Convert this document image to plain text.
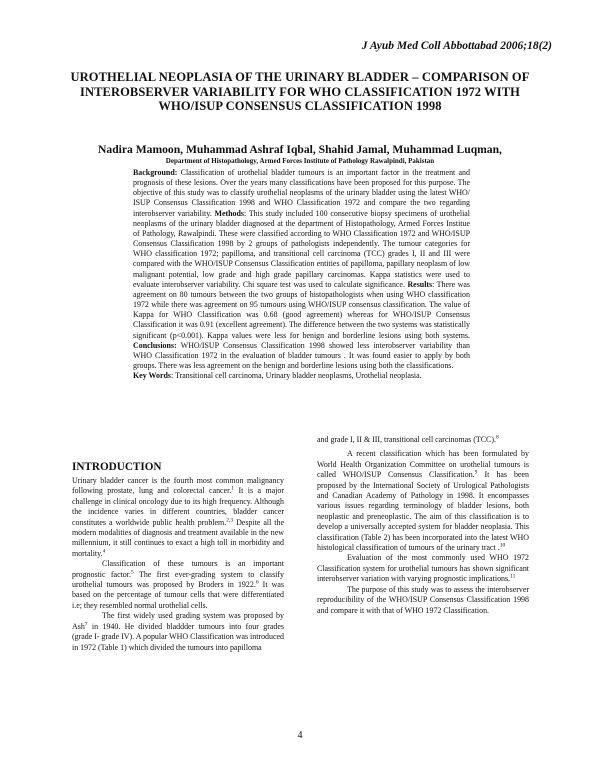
J Ayub Med Coll Abbottabad 2006;18(2)
UROTHELIAL NEOPLASIA OF THE URINARY BLADDER – COMPARISON OF INTEROBSERVER VARIABILITY FOR WHO CLASSIFICATION 1972 WITH WHO/ISUP CONSENSUS CLASSIFICATION 1998
Nadira Mamoon, Muhammad Ashraf Iqbal, Shahid Jamal, Muhammad Luqman,
Department of Histopathology, Armed Forces Institute of Pathology Rawalpindi, Pakistan
Background: Classification of urothelial bladder tumours is an important factor in the treatment and prognosis of these lesions. Over the years many classifications have been proposed for this purpose. The objective of this study was to classify urothelial neoplasms of the urinary bladder using the latest WHO/ ISUP Consensus Classification 1998 and WHO Classification 1972 and compare the two regarding interobserver variability. Methods: This study included 100 consecutive biopsy specimens of urothelial neoplasms of the urinary bladder diagnosed at the department of Histopathology, Armed Forces Institue of Pathology, Rawalpindi. These were classified according to WHO Classification 1972 and WHO/ISUP Consensus Classification 1998 by 2 groups of pathologists independently. The tumour categories for WHO classification 1972; papilloma, and transitional cell carcinoma (TCC) grades I, II and III were compared with the WHO/ISUP Consensus Classification entities of papilloma, papillary neoplasm of low malignant potential, low grade and high grade papillary carcinomas. Kappa statistics were used to evaluate interobserver variability. Chi square test was used to calculate significance. Results: There was agreement on 80 tumours between the two groups of histopathologists when using WHO classification 1972 while there was agreement on 95 tumours using WHO/ISUP consensus classification. The value of Kappa for WHO Classification was 0.68 (good agreement) whereas for WHO/ISUP Consensus Classification it was 0.91 (excellent agreement). The difference between the two systems was statistically significant (p<0.001). Kappa values were less for benign and borderline lesions using both systems. Conclusions: WHO/ISUP Consensus Classification 1998 showed less interobserver variability than WHO Classification 1972 in the evaluation of bladder tumours . It was found easier to apply by both groups. There was less agreement on the benign and borderline lesions using both the classifications.
Key Words: Transitional cell carcinoma, Urinary bladder neoplasms, Urothelial neoplasia.

INTRODUCTION

Urinary bladder cancer is the fourth most common malignancy following prostate, lung and colorectal cancer.$^1$ It is a major challenge in clinical oncology due to its high frequency. Although the incidence varies in different countries, bladder cancer constitutes a worldwide public health problem.$^{2,3}$ Despite all the modern modalities of diagnosis and treatment available in the new millennium, it still continues to exact a high toll in morbidity and mortality.$^4$

Classification of these tumours is an important prognostic factor.$^5$ The first ever-grading system to classify urothelial tumours was proposed by Broders in 1922.$^6$ It was based on the percentage of tumour cells that were differentiated i.e; they resembled normal urothelial cells.

The first widely used grading system was proposed by Ash$^7$ in 1940. He divided bladdder tumours into four grades (grade I- grade IV). A popular WHO Classification was introduced in 1972 (Table 1) which divided the tumours into papilloma

and grade I, II & III, transitional cell carcinomas (TCC).$^8$

A recent classification which has been formulated by World Health Organization Committee on urothelial tumours is called WHO/ISUP Consensus Classification.$^9$ It has been proposed by the International Society of Urological Pathologists and Canadian Academy of Pathology in 1998. It encompasses various issues regarding terminology of bladder lesions, both neoplastic and preneoplastic. The aim of this classification is to develop a universally accepted system for bladder neoplasia. This classification (Table 2) has been incorporated into the latest WHO histological classification of tumours of the urinary tract .$^{10}$

Evaluation of the most commonly used WHO 1972 Classification system for urothelial tumours has shown significant interobserver variation with varying prognostic implications.$^{11}$

The purpose of this study was to assess the interobserver reproducibility of the WHO/ISUP Consensus Classification 1998 and compare it with that of WHO 1972 Classification.

4
